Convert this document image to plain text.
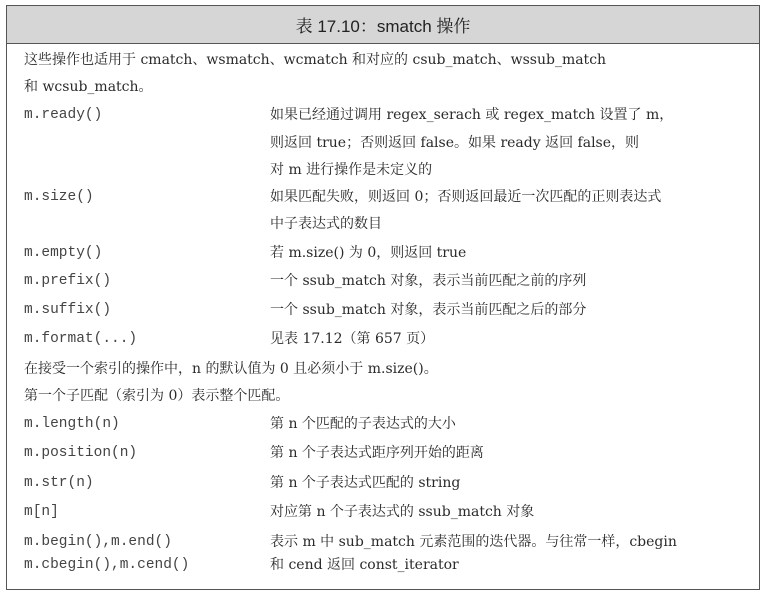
表 17.10：smatch 操作
这些操作也适用于 cmatch、wsmatch、wcmatch 和对应的 csub_match、wssub_match
和 wcsub_match。
m.ready()	如果已经通过调用 regex_serach 或 regex_match 设置了 m，
则返回 true；否则返回 false。如果 ready 返回 false，则
对 m 进行操作是未定义的
m.size()	如果匹配失败，则返回 0；否则返回最近一次匹配的正则表达式
中子表达式的数目
m.empty()	若 m.size() 为 0，则返回 true
m.prefix()	一个 ssub_match 对象，表示当前匹配之前的序列
m.suffix()	一个 ssub_match 对象，表示当前匹配之后的部分
m.format(...)	见表 17.12（第 657 页）
在接受一个索引的操作中，n 的默认值为 0 且必须小于 m.size()。
第一个子匹配（索引为 0）表示整个匹配。
m.length(n)	第 n 个匹配的子表达式的大小
m.position(n)	第 n 个子表达式距序列开始的距离
m.str(n)	第 n 个子表达式匹配的 string
m[n]	对应第 n 个子表达式的 ssub_match 对象
m.begin(),m.end()	表示 m 中 sub_match 元素范围的迭代器。与往常一样，cbegin
m.cbegin(),m.cend()	和 cend 返回 const_iterator
